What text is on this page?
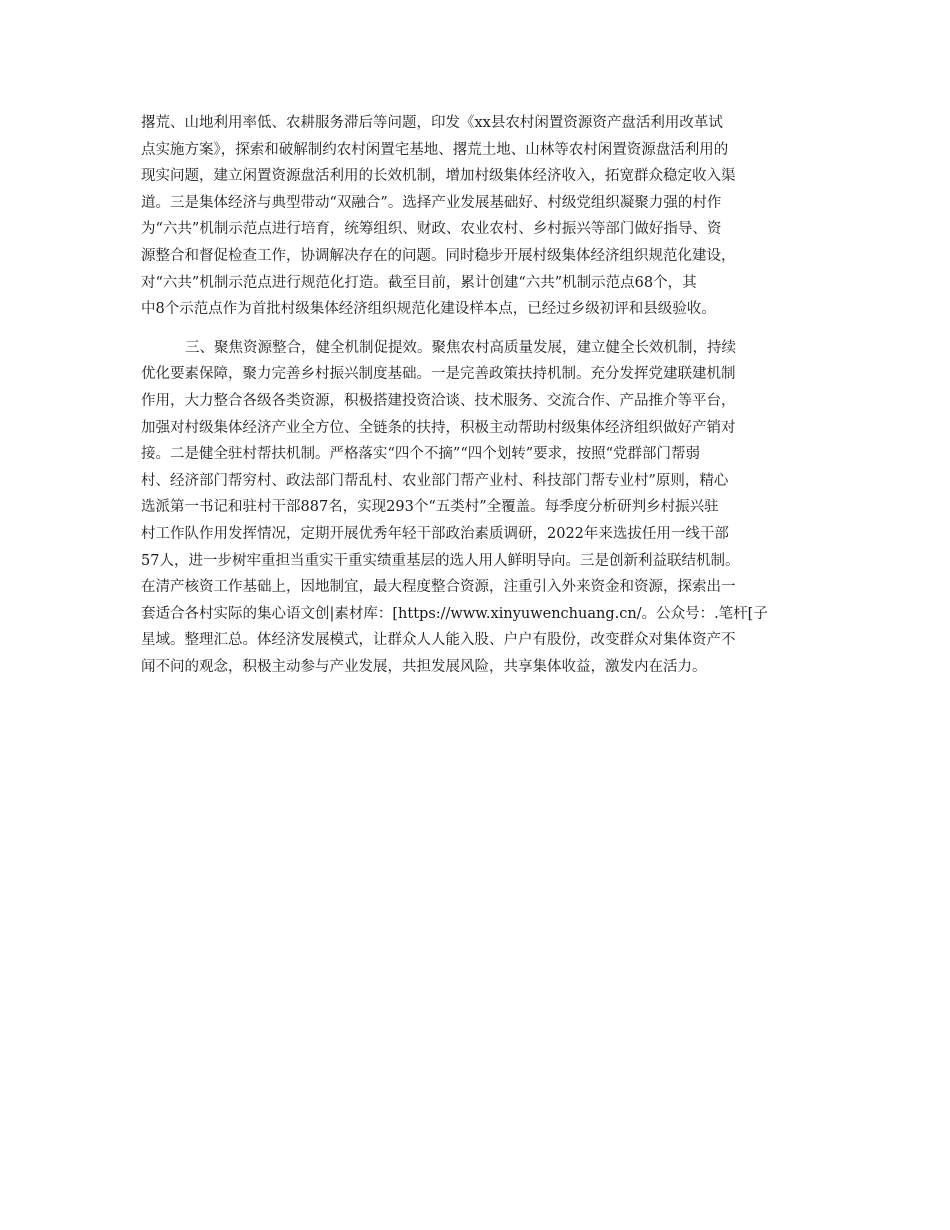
撂荒、山地利用率低、农耕服务滞后等问题，印发《xx县农村闲置资源资产盘活利用改革试
点实施方案》，探索和破解制约农村闲置宅基地、撂荒土地、山林等农村闲置资源盘活利用的
现实问题，建立闲置资源盘活利用的长效机制，增加村级集体经济收入，拓宽群众稳定收入渠
道。三是集体经济与典型带动“双融合”。选择产业发展基础好、村级党组织凝聚力强的村作
为“六共”机制示范点进行培育，统筹组织、财政、农业农村、乡村振兴等部门做好指导、资
源整合和督促检查工作，协调解决存在的问题。同时稳步开展村级集体经济组织规范化建设，
对“六共”机制示范点进行规范化打造。截至目前，累计创建“六共”机制示范点68个，其
中8个示范点作为首批村级集体经济组织规范化建设样本点，已经过乡级初评和县级验收。
三、聚焦资源整合，健全机制促提效。聚焦农村高质量发展，建立健全长效机制，持续
优化要素保障，聚力完善乡村振兴制度基础。一是完善政策扶持机制。充分发挥党建联建机制
作用，大力整合各级各类资源，积极搭建投资洽谈、技术服务、交流合作、产品推介等平台，
加强对村级集体经济产业全方位、全链条的扶持，积极主动帮助村级集体经济组织做好产销对
接。二是健全驻村帮扶机制。严格落实“四个不摘”“四个划转”要求，按照“党群部门帮弱
村、经济部门帮穷村、政法部门帮乱村、农业部门帮产业村、科技部门帮专业村”原则，精心
选派第一书记和驻村干部887名，实现293个“五类村”全覆盖。每季度分析研判乡村振兴驻
村工作队作用发挥情况，定期开展优秀年轻干部政治素质调研，2022年来选拔任用一线干部
57人，进一步树牢重担当重实干重实绩重基层的选人用人鲜明导向。三是创新利益联结机制。
在清产核资工作基础上，因地制宜，最大程度整合资源，注重引入外来资金和资源，探索出一
套适合各村实际的集心语文创|素材库：[https://www.xinyuwenchuang.cn/。公众号：.笔杆[子
星域。整理汇总。体经济发展模式，让群众人人能入股、户户有股份，改变群众对集体资产不
闻不问的观念，积极主动参与产业发展，共担发展风险，共享集体收益，激发内在活力。
